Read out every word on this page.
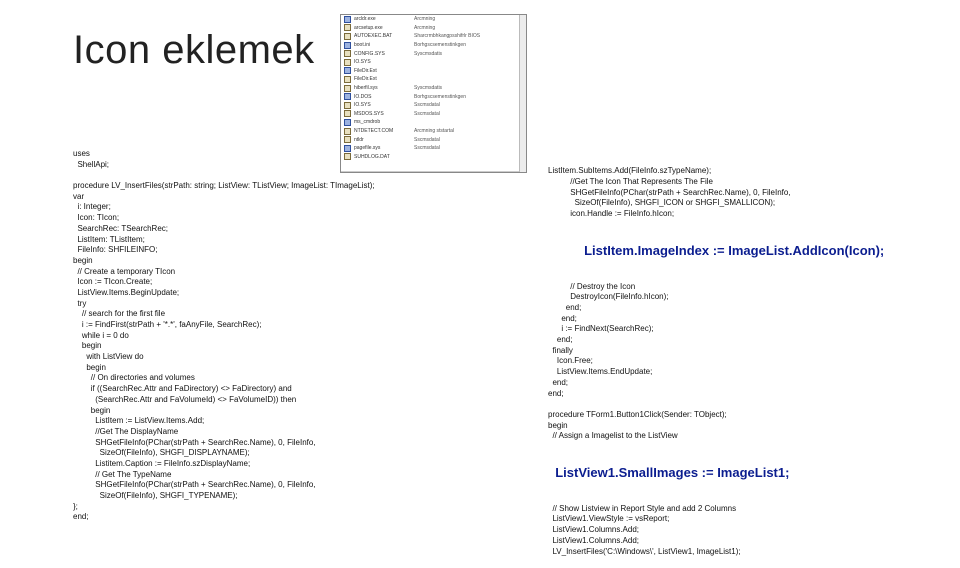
Icon eklemek
arcldr.exe	Arcmning
arcsetup.exe	Arcmning
AUTOEXEC.BAT	Sharcrmbhkangpsshifrlr BIOS
boot.ini	Borhgscsemenstinkgen
CONFIG.SYS	Syscmsdatis
IO.SYS
FileDir.Ext
FileDir.Ext
hiberfil.sys	Syscmsdatis
IO.DOS	Borhgscsemenstinkgen
IO.SYS	Sscmsdatal
MSDOS.SYS	Sscmsdatal
ms_cmdrob
NTDETECT.COM	Arcmning ststartal
ntldr	Sscmsdatal
pagefile.sys	Sscmsdatal
SUHDLOG.DAT
uses
ShellApi;

procedure LV_InsertFiles(strPath: string; ListView: TListView; ImageList: TImageList);
var
i: Integer;
Icon: TIcon;
SearchRec: TSearchRec;
ListItem: TListItem;
FileInfo: SHFILEINFO;
begin
// Create a temporary TIcon
Icon := TIcon.Create;
ListView.Items.BeginUpdate;
try
// search for the first file
i := FindFirst(strPath + '*.*', faAnyFile, SearchRec);
while i = 0 do
begin
with ListView do
begin
// On directories and volumes
if ((SearchRec.Attr and FaDirectory) <> FaDirectory) and
(SearchRec.Attr and FaVolumeId) <> FaVolumeID)) then
begin
ListItem := ListView.Items.Add;
//Get The DisplayName
SHGetFileInfo(PChar(strPath + SearchRec.Name), 0, FileInfo,
SizeOf(FileInfo), SHGFI_DISPLAYNAME);
Listitem.Caption := FileInfo.szDisplayName;
// Get The TypeName
SHGetFileInfo(PChar(strPath + SearchRec.Name), 0, FileInfo,
SizeOf(FileInfo), SHGFI_TYPENAME);
};
end;

ListItem.SubItems.Add(FileInfo.szTypeName);
//Get The Icon That Represents The File
SHGetFileInfo(PChar(strPath + SearchRec.Name), 0, FileInfo,
SizeOf(FileInfo), SHGFI_ICON or SHGFI_SMALLICON);
icon.Handle := FileInfo.hIcon;

ListItem.ImageIndex := ImageList.AddIcon(Icon);

// Destroy the Icon
DestroyIcon(FileInfo.hIcon);
end;
end;
i := FindNext(SearchRec);
end;
finally
Icon.Free;
ListView.Items.EndUpdate;
end;
end;

procedure TForm1.Button1Click(Sender: TObject);
begin
// Assign a Imagelist to the ListView

ListView1.SmallImages := ImageList1;

// Show Listview in Report Style and add 2 Columns
ListView1.ViewStyle := vsReport;
ListView1.Columns.Add;
ListView1.Columns.Add;
LV_InsertFiles('C:\Windows\', ListView1, ImageList1);
